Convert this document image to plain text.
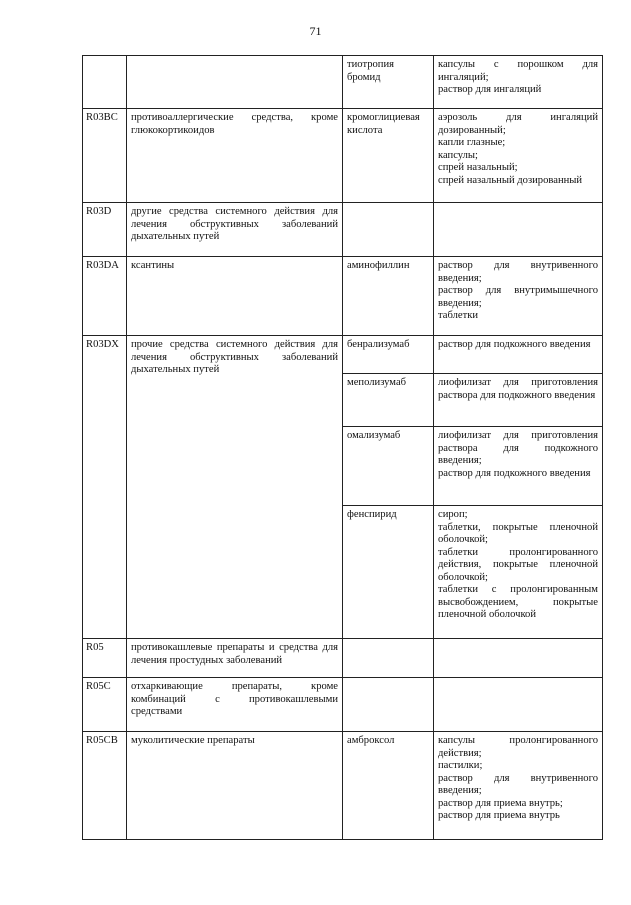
71
		тиотропия бромид	капсулы с порошком для ингаляций;
раствор для ингаляций

R03BC	противоаллергические средства, кроме глюкокортикоидов	кромоглициевая кислота	аэрозоль для ингаляций дозированный;
капли глазные;
капсулы;
спрей назальный;
спрей назальный дозированный

R03D	другие средства системного действия для лечения обструктивных заболеваний дыхательных путей		
R03DA	ксантины	аминофиллин	раствор для внутривенного введения;
раствор для внутримышечного введения;
таблетки

R03DX	прочие средства системного действия для лечения обструктивных заболеваний дыхательных путей	бенрализумаб	раствор для подкожного введения

		меполизумаб	лиофилизат для приготовления раствора для подкожного введения

		омализумаб	лиофилизат для приготовления раствора для подкожного введения;
раствор для подкожного введения

		фенспирид	сироп;
таблетки, покрытые пленочной оболочкой;
таблетки пролонгированного действия, покрытые пленочной оболочкой;
таблетки с пролонгированным высвобождением, покрытые пленочной оболочкой

R05	противокашлевые препараты и средства для лечения простудных заболеваний		
R05C	отхаркивающие препараты, кроме комбинаций с противокашлевыми средствами		
R05CB	муколитические препараты	амброксол	капсулы пролонгированного действия;
пастилки;
раствор для внутривенного введения;
раствор для приема внутрь;
раствор для приема внутрь
